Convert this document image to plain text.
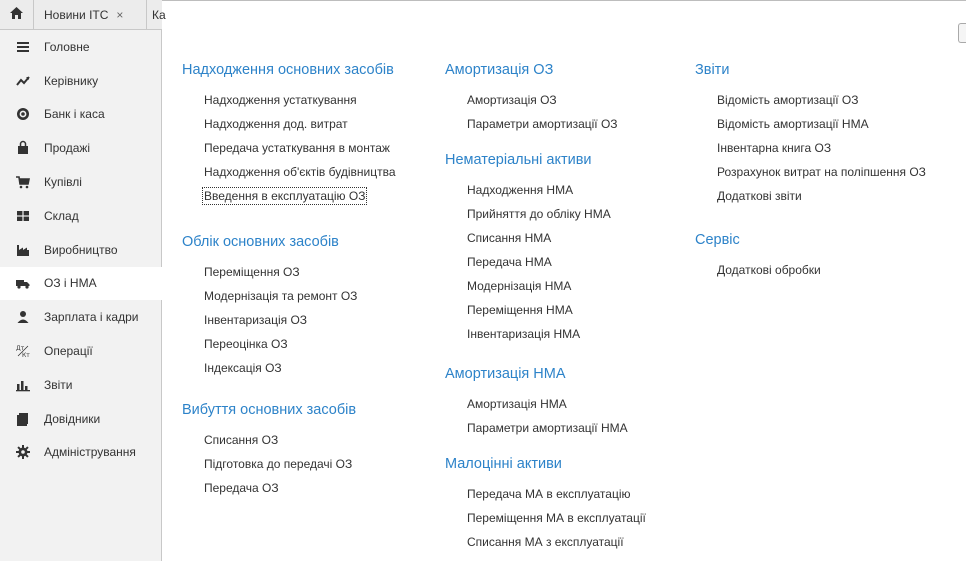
Новини ІТС × Ка
Головне
Керівнику
Банк і каса
Продажі
Купівлі
Склад
Виробництво
ОЗ і НМА
Зарплата і кадри
Дт
Кт Операції
Звіти
Довідники
Адміністрування
Надходження основних засобів
Надходження устаткування
Надходження дод. витрат
Передача устаткування в монтаж
Надходження об'єктів будівництва
Введення в експлуатацію ОЗ
Облік основних засобів
Переміщення ОЗ
Модернізація та ремонт ОЗ
Інвентаризація ОЗ
Переоцінка ОЗ
Індексація ОЗ
Вибуття основних засобів
Списання ОЗ
Підготовка до передачі ОЗ
Передача ОЗ
Амортизація ОЗ
Амортизація ОЗ
Параметри амортизації ОЗ
Нематеріальні активи
Надходження НМА
Прийняття до обліку НМА
Списання НМА
Передача НМА
Модернізація НМА
Переміщення НМА
Інвентаризація НМА
Амортизація НМА
Амортизація НМА
Параметри амортизації НМА
Малоцінні активи
Передача МА в експлуатацію
Переміщення МА в експлуатації
Списання МА з експлуатації
Звіти
Відомість амортизації ОЗ
Відомість амортизації НМА
Інвентарна книга ОЗ
Розрахунок витрат на поліпшення ОЗ
Додаткові звіти
Сервіс
Додаткові обробки
